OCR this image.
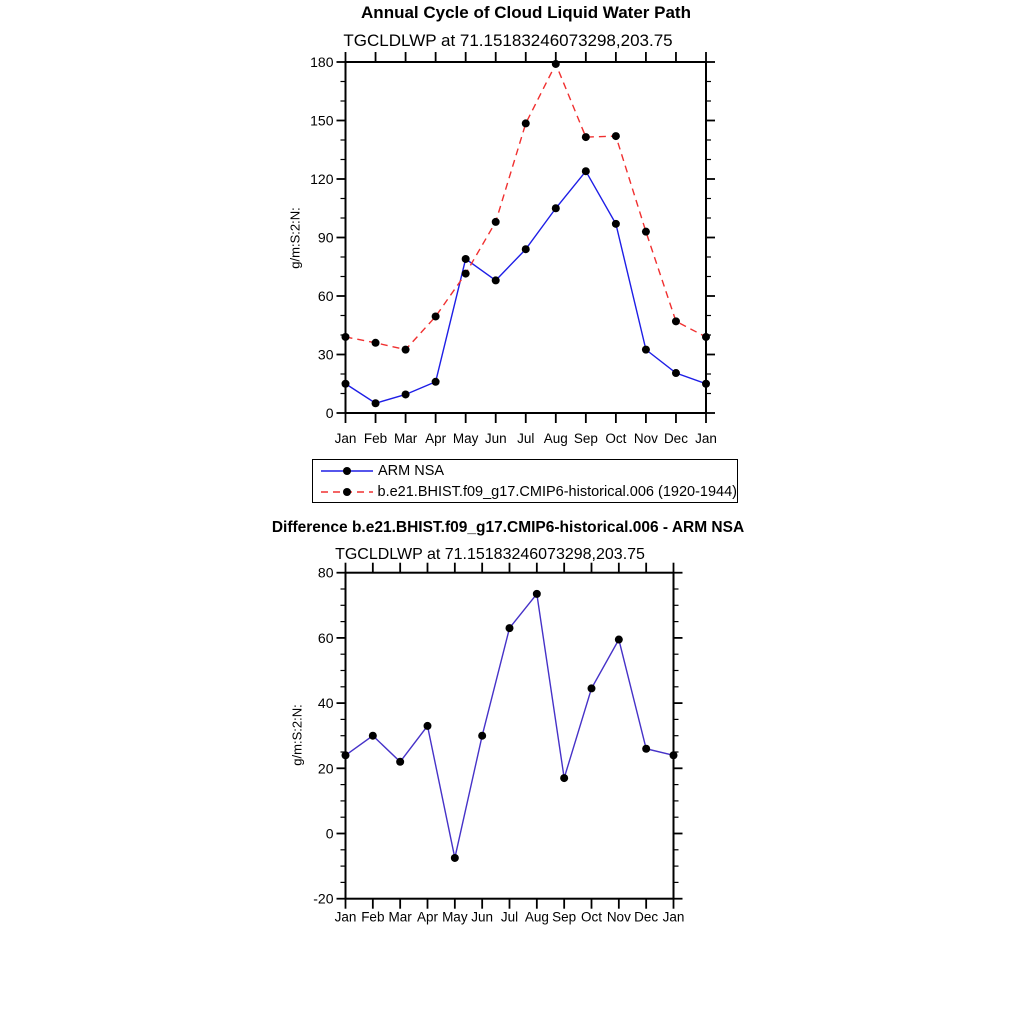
Annual Cycle of Cloud Liquid Water Path
TGCLDLWP at 71.15183246073298,203.75
g/m:S:2:N:
0
30
60
90
120
150
180
Jan Feb Mar Apr May Jun Jul Aug Sep Oct Nov Dec Jan
ARM NSA
b.e21.BHIST.f09_g17.CMIP6-historical.006 (1920-1944)
Difference b.e21.BHIST.f09_g17.CMIP6-historical.006 - ARM NSA
TGCLDLWP at 71.15183246073298,203.75
g/m:S:2:N:
-20
0
20
40
60
80
Jan Feb Mar Apr May Jun Jul Aug Sep Oct Nov Dec Jan
